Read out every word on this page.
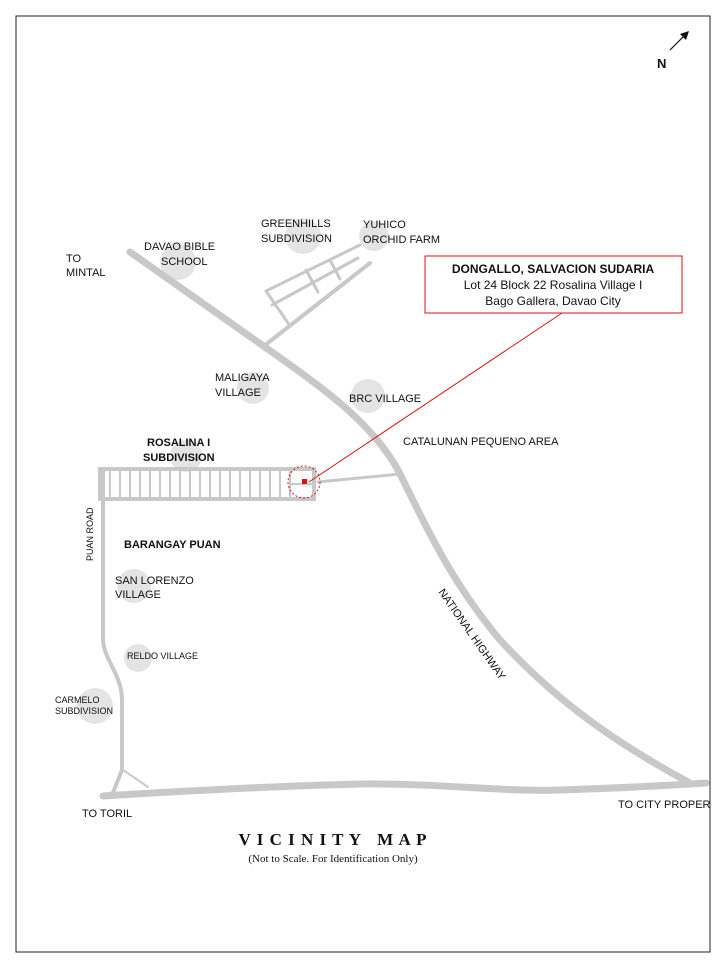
DONGALLO, SALVACION SUDARIA
Lot 24 Block 22 Rosalina Village I
Bago Gallera, Davao City
N
TO
MINTAL
DAVAO BIBLE
SCHOOL
GREENHILLS
SUBDIVISION
YUHICO
ORCHID FARM
MALIGAYA
VILLAGE	BRC VILLAGE
CATALUNAN PEQUENO AREA
ROSALINA I
SUBDIVISION
BARANGAY PUAN
PUAN ROAD
SAN LORENZO
VILLAGE
RELDO VILLAGE
CARMELO
SUBDIVISION
NATIONAL HIGHWAY
TO TORIL
TO CITY PROPER
V I C I N I T Y   M A P
(Not to Scale. For Identification Only)
